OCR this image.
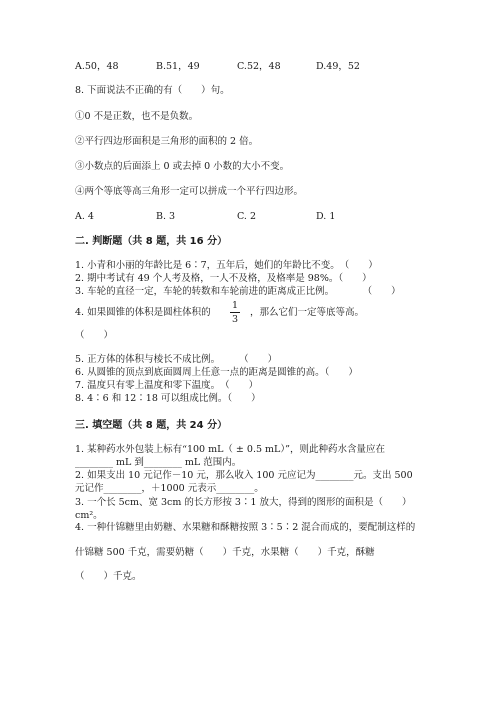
A.50，48	B.51，49	C.52，48	D.49，52
8. 下面说法不正确的有（　　）句。
①0 不是正数，也不是负数。
②平行四边形面积是三角形的面积的 2 倍。
③小数点的后面添上 0 或去掉 0 小数的大小不变。
④两个等底等高三角形一定可以拼成一个平行四边形。
A. 4	B. 3	C. 2	D. 1
二. 判断题（共 8 题，共 16 分）
1. 小青和小丽的年龄比是 6∶7，五年后，她们的年龄比不变。　（　　）
2. 期中考试有 49 个人考及格，一人不及格，及格率是 98%。（　　）
3. 车轮的直径一定，车轮的转数和车轮前进的距离成正比例。　　　　（　　）
4. 如果圆锥的体积是圆柱体积的
1
3
，那么它们一定等底等高。
（　　）
5. 正方体的体积与棱长不成比例。　　　（　　）
6. 从圆锥的顶点到底面圆周上任意一点的距离是圆锥的高。（　　）
7. 温度只有零上温度和零下温度。　（　　）
8. 4∶6 和 12∶18 可以组成比例。（　　）
三. 填空题（共 8 题，共 24 分）
1. 某种药水外包装上标有“100 mL（ ± 0.5 mL）”，则此种药水含量应在
________ mL 到________ mL 范围内。
2. 如果支出 10 元记作－10 元，那么收入 100 元应记为________元。支出 500
元记作________，＋1000 元表示________。
3. 一个长 5cm、宽 3cm 的长方形按 3∶1 放大，得到的图形的面积是（　　）
cm²。
4. 一种什锦糖里由奶糖、水果糖和酥糖按照 3∶5∶2 混合而成的，要配制这样的
什锦糖 500 千克，需要奶糖（　　）千克，水果糖（　　）千克，酥糖
（　　）千克。
